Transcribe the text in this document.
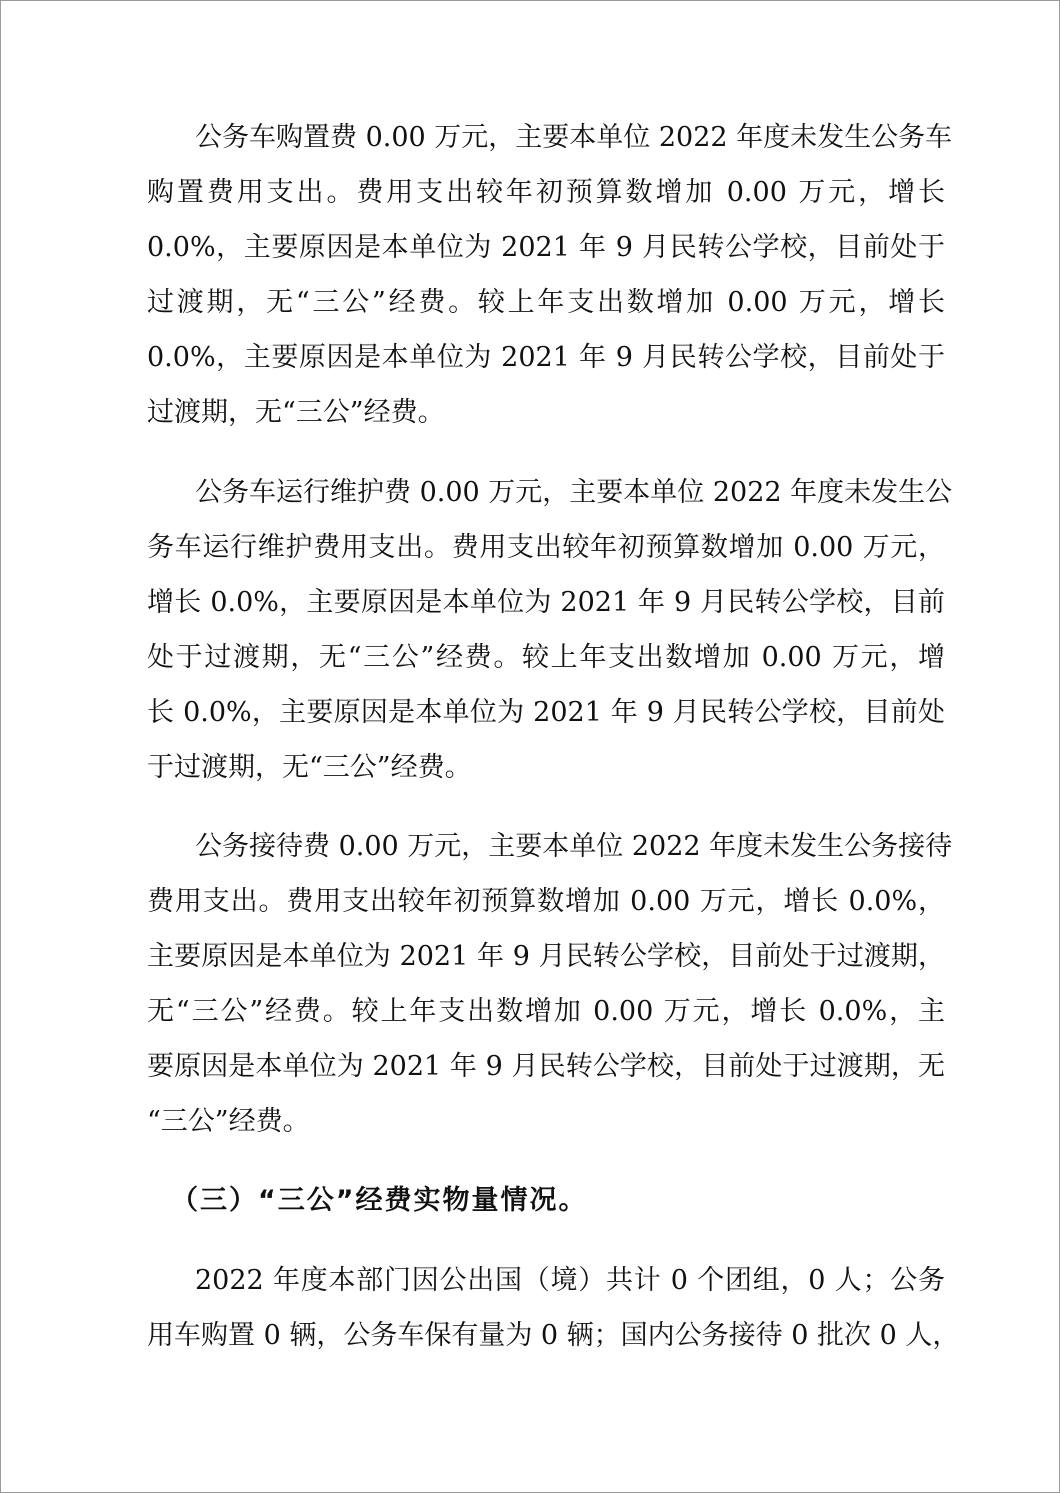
公务车购置费 0.00 万元，主要本单位 2022 年度未发生公务车
购置费用支出。费用支出较年初预算数增加 0.00 万元，增长
0.0%，主要原因是本单位为 2021 年 9 月民转公学校，目前处于
过渡期，无“三公”经费。较上年支出数增加 0.00 万元，增长
0.0%，主要原因是本单位为 2021 年 9 月民转公学校，目前处于
过渡期，无“三公”经费。
公务车运行维护费 0.00 万元，主要本单位 2022 年度未发生公
务车运行维护费用支出。费用支出较年初预算数增加 0.00 万元，
增长 0.0%，主要原因是本单位为 2021 年 9 月民转公学校，目前
处于过渡期，无“三公”经费。较上年支出数增加 0.00 万元，增
长 0.0%，主要原因是本单位为 2021 年 9 月民转公学校，目前处
于过渡期，无“三公”经费。
公务接待费 0.00 万元，主要本单位 2022 年度未发生公务接待
费用支出。费用支出较年初预算数增加 0.00 万元，增长 0.0%，
主要原因是本单位为 2021 年 9 月民转公学校，目前处于过渡期，
无“三公”经费。较上年支出数增加 0.00 万元，增长 0.0%，主
要原因是本单位为 2021 年 9 月民转公学校，目前处于过渡期，无
“三公”经费。
（三）“三公”经费实物量情况。
2022 年度本部门因公出国（境）共计 0 个团组，0 人；公务
用车购置 0 辆，公务车保有量为 0 辆；国内公务接待 0 批次 0 人，
